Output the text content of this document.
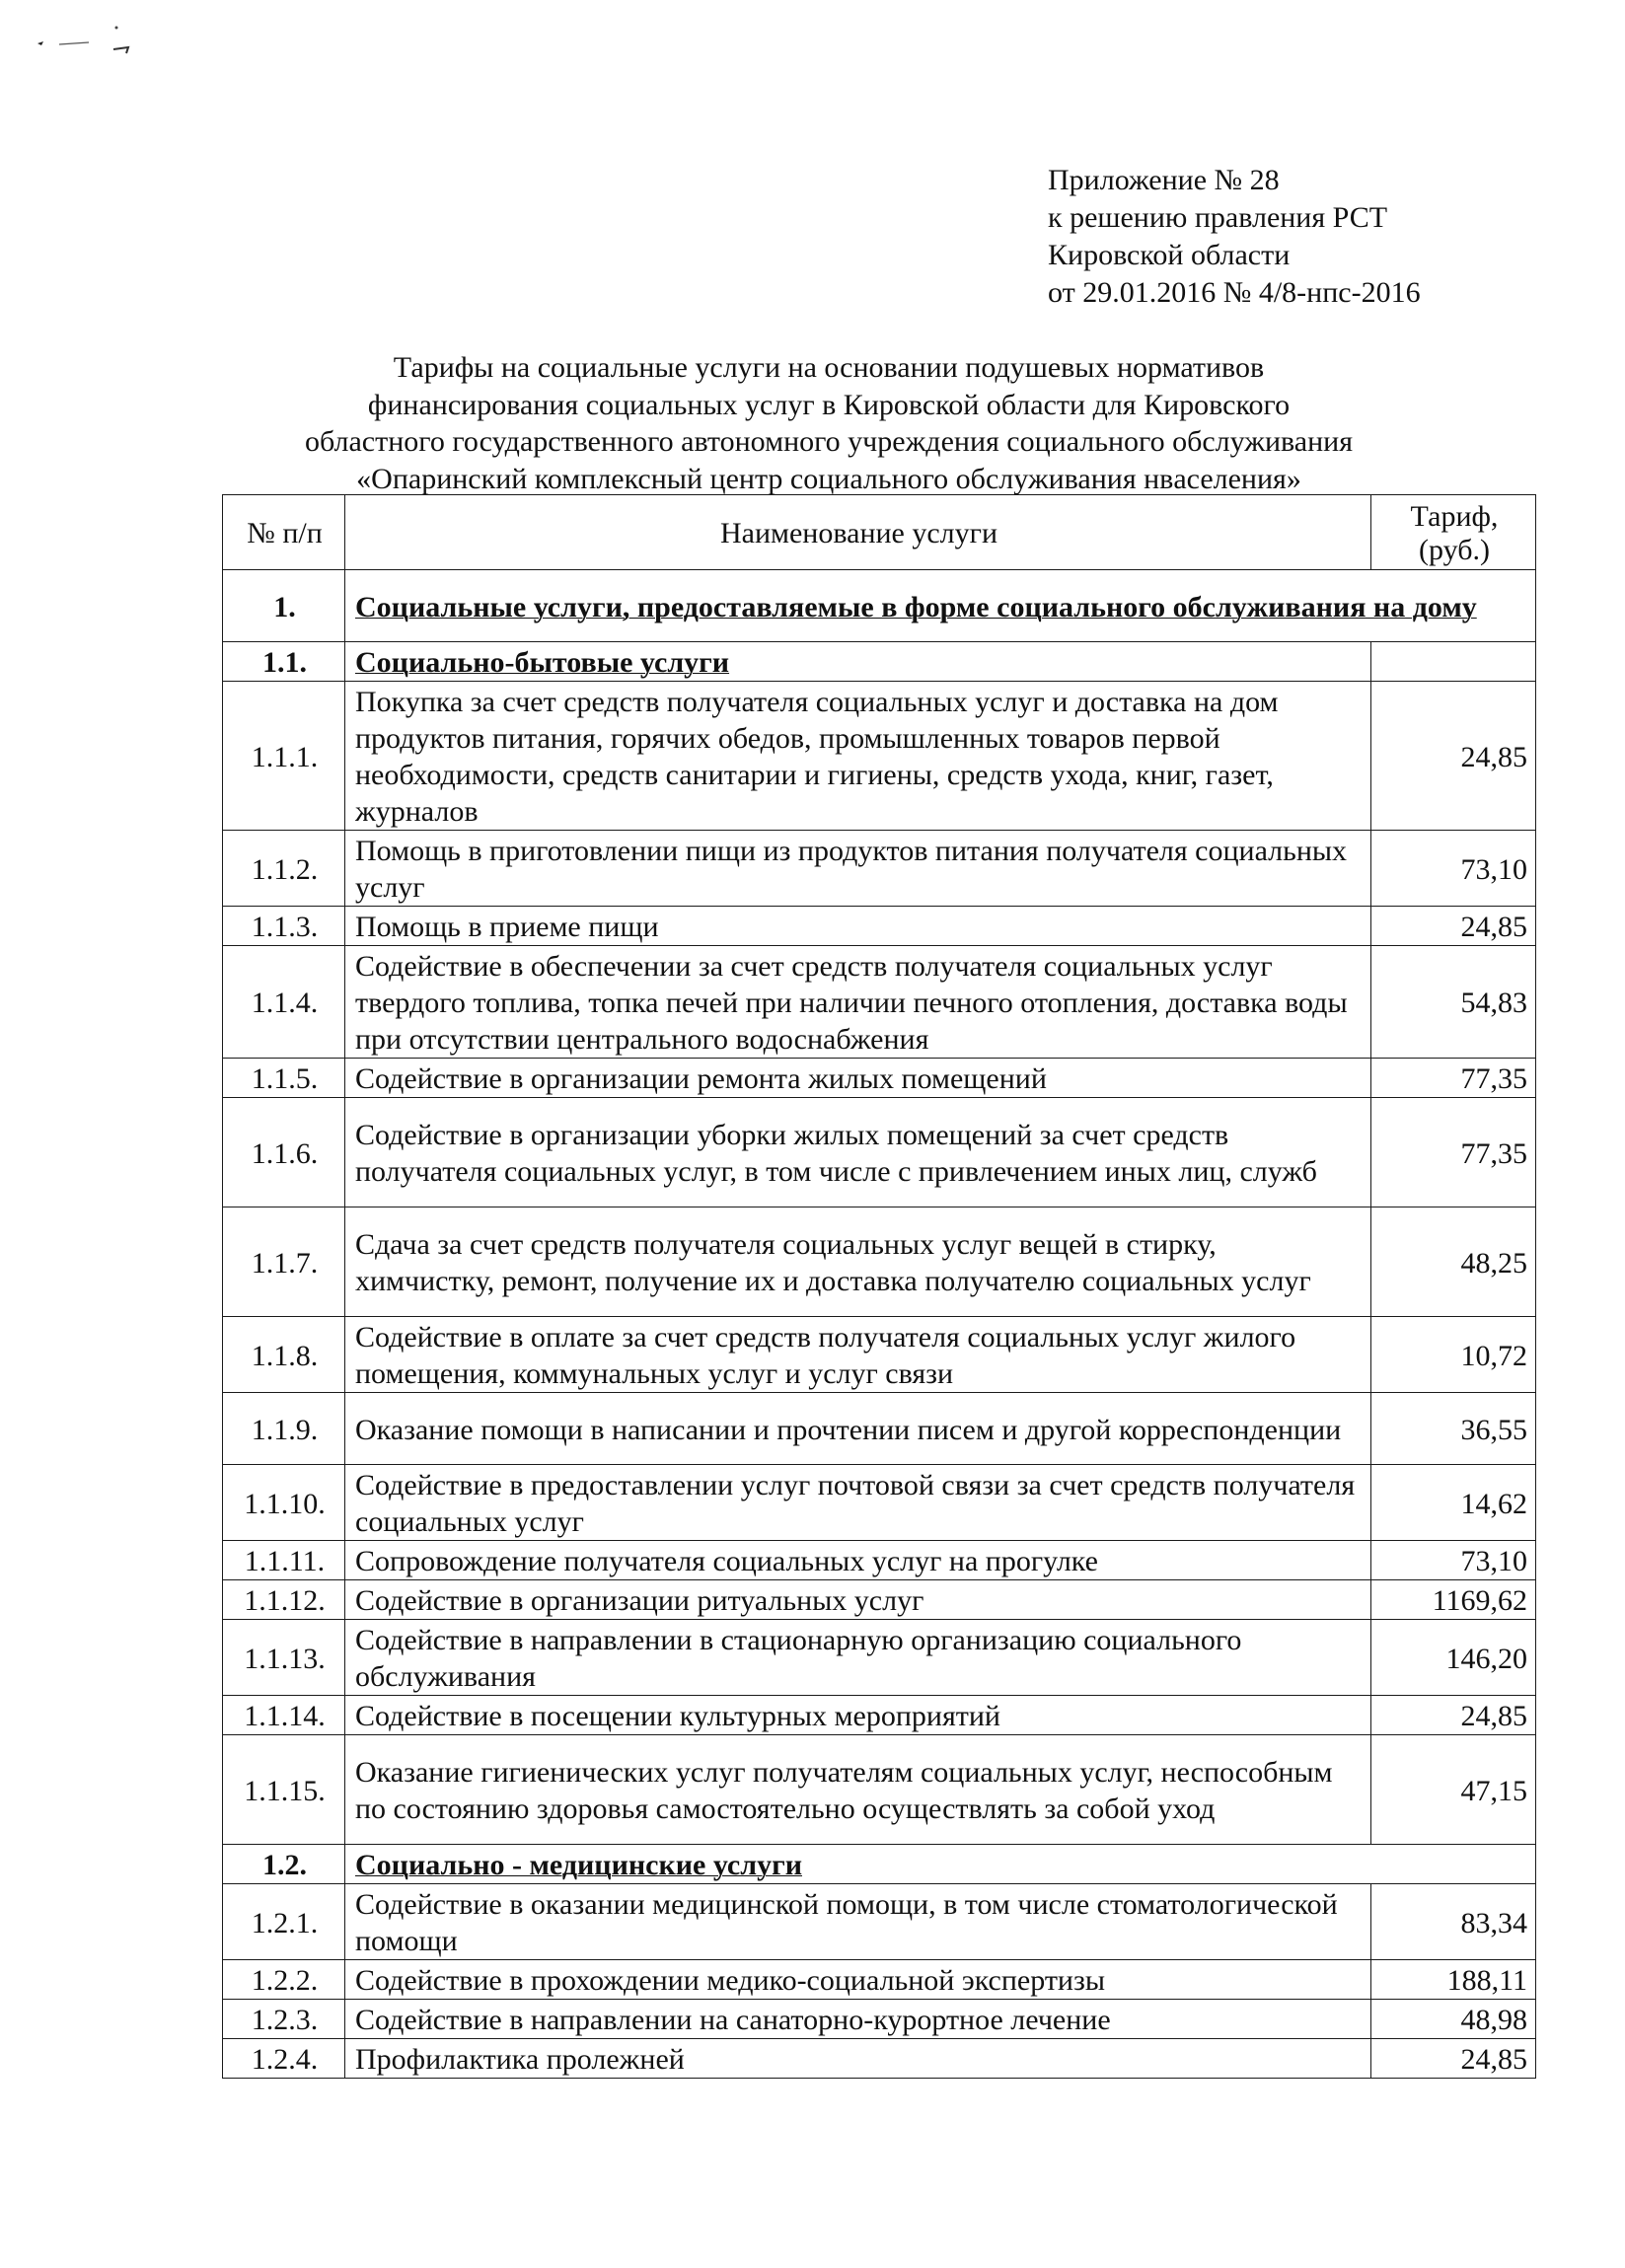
Приложение № 28
к решению правления РСТ
Кировской области
от 29.01.2016 № 4/8-нпс-2016
Тарифы на социальные услуги на основании подушевых нормативов
финансирования социальных услуг в Кировской области для Кировского
областного государственного автономного учреждения социального обслуживания
«Опаринский комплексный центр социального обслуживания нвaселения»
№ п/п	Наименование услуги	Тариф, (руб.)
1.	Социальные услуги, предоставляемые в форме социального обслуживания на дому	
1.1.	Социально-бытовые услуги	
1.1.1.	Покупка за счет средств получателя социальных услуг и доставка на дом продуктов питания, горячих обедов, промышленных товаров первой необходимости, средств санитарии и гигиены, средств ухода, книг, газет, журналов	24,85
1.1.2.	Помощь в приготовлении пищи из продуктов питания получателя социальных услуг	73,10
1.1.3.	Помощь в приеме пищи	24,85
1.1.4.	Содействие в обеспечении за счет средств получателя социальных услуг твердого топлива, топка печей при наличии печного отопления, доставка воды при отсутствии центрального водоснабжения	54,83
1.1.5.	Содействие в организации ремонта жилых помещений	77,35
1.1.6.	Содействие в организации уборки жилых помещений за счет средств получателя социальных услуг, в том числе с привлечением иных лиц, служб	77,35
1.1.7.	Сдача за счет средств получателя социальных услуг вещей в стирку, химчистку, ремонт, получение их и доставка получателю социальных услуг	48,25
1.1.8.	Содействие в оплате за счет средств получателя социальных услуг жилого помещения, коммунальных услуг и услуг связи	10,72
1.1.9.	Оказание помощи в написании и прочтении писем и другой корреспонденции	36,55
1.1.10.	Содействие в предоставлении услуг почтовой связи за счет средств получателя социальных услуг	14,62
1.1.11.	Сопровождение получателя социальных услуг на прогулке	73,10
1.1.12.	Содействие в организации ритуальных услуг	1169,62
1.1.13.	Содействие в направлении в стационарную организацию социального обслуживания	146,20
1.1.14.	Содействие в посещении культурных мероприятий	24,85
1.1.15.	Оказание гигиенических услуг получателям социальных услуг, неспособным по состоянию здоровья самостоятельно осуществлять за собой уход	47,15
1.2.	Социально - медицинские услуги	
1.2.1.	Содействие в оказании медицинской помощи, в том числе стоматологической помощи	83,34
1.2.2.	Содействие в прохождении медико-социальной экспертизы	188,11
1.2.3.	Содействие в направлении на санаторно-курортное лечение	48,98
1.2.4.	Профилактика пролежней	24,85
